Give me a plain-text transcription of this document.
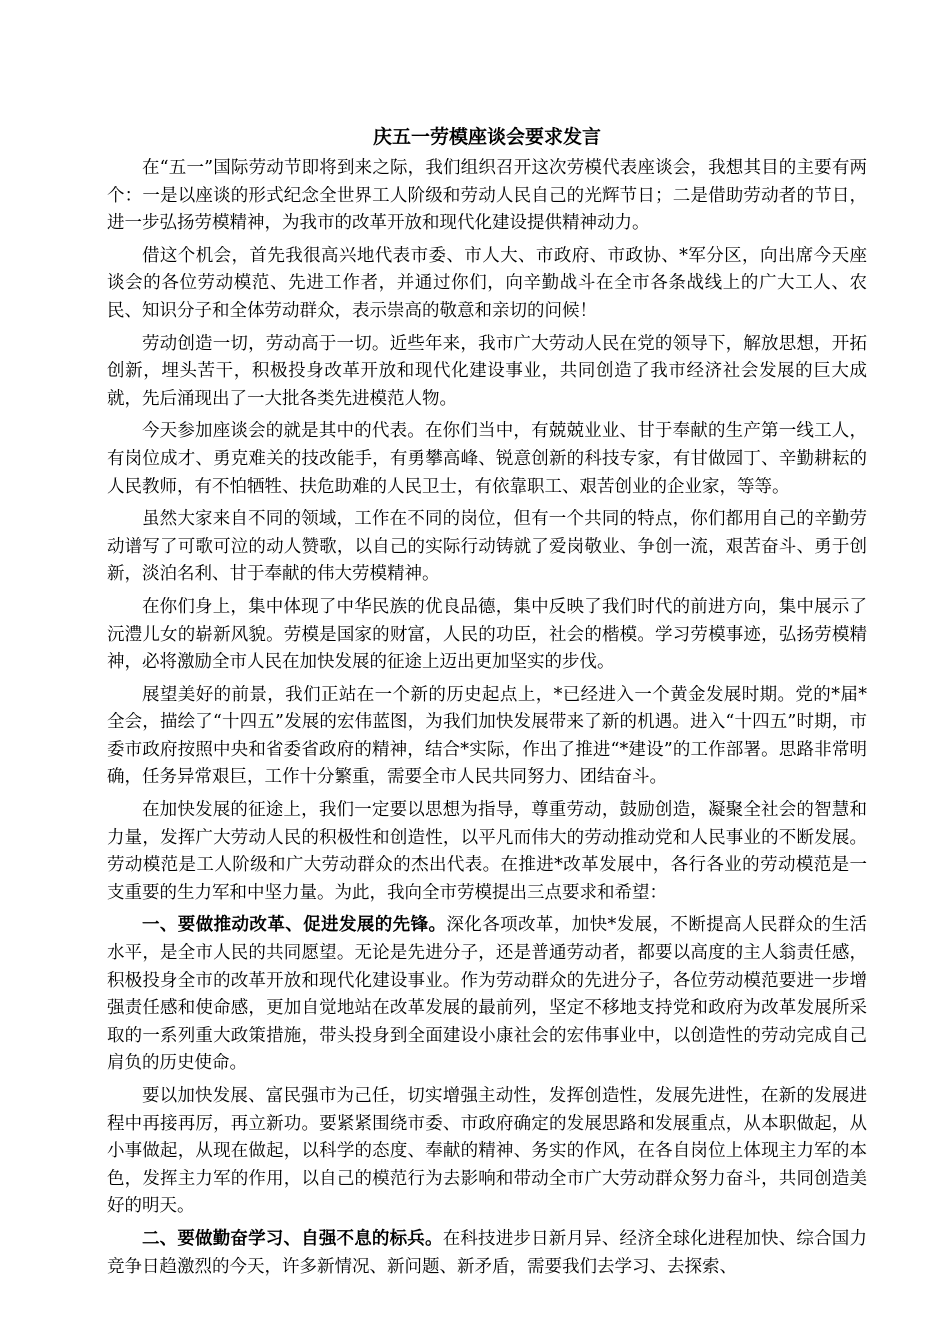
庆五一劳模座谈会要求发言

在“五一”国际劳动节即将到来之际，我们组织召开这次劳模代表座谈会，我想其目的主要有两个：一是以座谈的形式纪念全世界工人阶级和劳动人民自己的光辉节日；二是借助劳动者的节日，进一步弘扬劳模精神，为我市的改革开放和现代化建设提供精神动力。

借这个机会，首先我很高兴地代表市委、市人大、市政府、市政协、*军分区，向出席今天座谈会的各位劳动模范、先进工作者，并通过你们，向辛勤战斗在全市各条战线上的广大工人、农民、知识分子和全体劳动群众，表示崇高的敬意和亲切的问候！

劳动创造一切，劳动高于一切。近些年来，我市广大劳动人民在党的领导下，解放思想，开拓创新，埋头苦干，积极投身改革开放和现代化建设事业，共同创造了我市经济社会发展的巨大成就，先后涌现出了一大批各类先进模范人物。

今天参加座谈会的就是其中的代表。在你们当中，有兢兢业业、甘于奉献的生产第一线工人，有岗位成才、勇克难关的技改能手，有勇攀高峰、锐意创新的科技专家，有甘做园丁、辛勤耕耘的人民教师，有不怕牺牲、扶危助难的人民卫士，有依靠职工、艰苦创业的企业家，等等。

虽然大家来自不同的领域，工作在不同的岗位，但有一个共同的特点，你们都用自己的辛勤劳动谱写了可歌可泣的动人赞歌，以自己的实际行动铸就了爱岗敬业、争创一流，艰苦奋斗、勇于创新，淡泊名利、甘于奉献的伟大劳模精神。

在你们身上，集中体现了中华民族的优良品德，集中反映了我们时代的前进方向，集中展示了沅澧儿女的崭新风貌。劳模是国家的财富，人民的功臣，社会的楷模。学习劳模事迹，弘扬劳模精神，必将激励全市人民在加快发展的征途上迈出更加坚实的步伐。

展望美好的前景，我们正站在一个新的历史起点上，*已经进入一个黄金发展时期。党的*届*全会，描绘了“十四五”发展的宏伟蓝图，为我们加快发展带来了新的机遇。进入“十四五”时期，市委市政府按照中央和省委省政府的精神，结合*实际，作出了推进“*建设”的工作部署。思路非常明确，任务异常艰巨，工作十分繁重，需要全市人民共同努力、团结奋斗。

在加快发展的征途上，我们一定要以思想为指导，尊重劳动，鼓励创造，凝聚全社会的智慧和力量，发挥广大劳动人民的积极性和创造性，以平凡而伟大的劳动推动党和人民事业的不断发展。劳动模范是工人阶级和广大劳动群众的杰出代表。在推进*改革发展中，各行各业的劳动模范是一支重要的生力军和中坚力量。为此，我向全市劳模提出三点要求和希望：

一、要做推动改革、促进发展的先锋。深化各项改革，加快*发展，不断提高人民群众的生活水平，是全市人民的共同愿望。无论是先进分子，还是普通劳动者，都要以高度的主人翁责任感，积极投身全市的改革开放和现代化建设事业。作为劳动群众的先进分子，各位劳动模范要进一步增强责任感和使命感，更加自觉地站在改革发展的最前列，坚定不移地支持党和政府为改革发展所采取的一系列重大政策措施，带头投身到全面建设小康社会的宏伟事业中，以创造性的劳动完成自己肩负的历史使命。

要以加快发展、富民强市为己任，切实增强主动性，发挥创造性，发展先进性，在新的发展进程中再接再厉，再立新功。要紧紧围绕市委、市政府确定的发展思路和发展重点，从本职做起，从小事做起，从现在做起，以科学的态度、奉献的精神、务实的作风，在各自岗位上体现主力军的本色，发挥主力军的作用，以自己的模范行为去影响和带动全市广大劳动群众努力奋斗，共同创造美好的明天。

二、要做勤奋学习、自强不息的标兵。在科技进步日新月异、经济全球化进程加快、综合国力竞争日趋激烈的今天，许多新情况、新问题、新矛盾，需要我们去学习、去探索、
